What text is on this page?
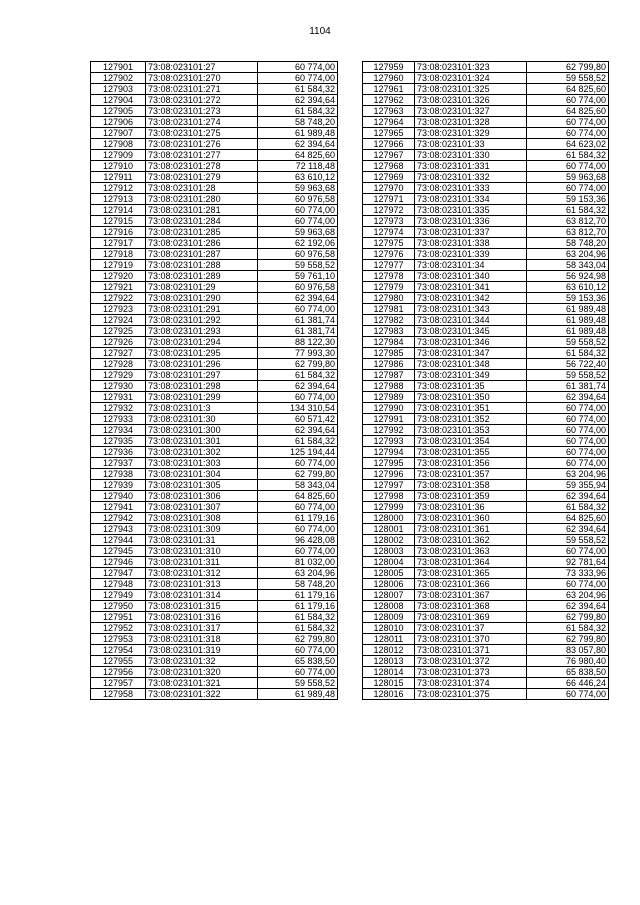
1104
127901	73:08:023101:27	60 774,00
127902	73:08:023101:270	60 774,00
127903	73:08:023101:271	61 584,32
127904	73:08:023101:272	62 394,64
127905	73:08:023101:273	61 584,32
127906	73:08:023101:274	58 748,20
127907	73:08:023101:275	61 989,48
127908	73:08:023101:276	62 394,64
127909	73:08:023101:277	64 825,60
127910	73:08:023101:278	72 118,48
127911	73:08:023101:279	63 610,12
127912	73:08:023101:28	59 963,68
127913	73:08:023101:280	60 976,58
127914	73:08:023101:281	60 774,00
127915	73:08:023101:284	60 774,00
127916	73:08:023101:285	59 963,68
127917	73:08:023101:286	62 192,06
127918	73:08:023101:287	60 976,58
127919	73:08:023101:288	59 558,52
127920	73:08:023101:289	59 761,10
127921	73:08:023101:29	60 976,58
127922	73:08:023101:290	62 394,64
127923	73:08:023101:291	60 774,00
127924	73:08:023101:292	61 381,74
127925	73:08:023101:293	61 381,74
127926	73:08:023101:294	88 122,30
127927	73:08:023101:295	77 993,30
127928	73:08:023101:296	62 799,80
127929	73:08:023101:297	61 584,32
127930	73:08:023101:298	62 394,64
127931	73:08:023101:299	60 774,00
127932	73:08:023101:3	134 310,54
127933	73:08:023101:30	60 571,42
127934	73:08:023101:300	62 394,64
127935	73:08:023101:301	61 584,32
127936	73:08:023101:302	125 194,44
127937	73:08:023101:303	60 774,00
127938	73:08:023101:304	62 799,80
127939	73:08:023101:305	58 343,04
127940	73:08:023101:306	64 825,60
127941	73:08:023101:307	60 774,00
127942	73:08:023101:308	61 179,16
127943	73:08:023101:309	60 774,00
127944	73:08:023101:31	96 428,08
127945	73:08:023101:310	60 774,00
127946	73:08:023101:311	81 032,00
127947	73:08:023101:312	63 204,96
127948	73:08:023101:313	58 748,20
127949	73:08:023101:314	61 179,16
127950	73:08:023101:315	61 179,16
127951	73:08:023101:316	61 584,32
127952	73:08:023101:317	61 584,32
127953	73:08:023101:318	62 799,80
127954	73:08:023101:319	60 774,00
127955	73:08:023101:32	65 838,50
127956	73:08:023101:320	60 774,00
127957	73:08:023101:321	59 558,52
127958	73:08:023101:322	61 989,48
127959	73:08:023101:323	62 799,80
127960	73:08:023101:324	59 558,52
127961	73:08:023101:325	64 825,60
127962	73:08:023101:326	60 774,00
127963	73:08:023101:327	64 825,60
127964	73:08:023101:328	60 774,00
127965	73:08:023101:329	60 774,00
127966	73:08:023101:33	64 623,02
127967	73:08:023101:330	61 584,32
127968	73:08:023101:331	60 774,00
127969	73:08:023101:332	59 963,68
127970	73:08:023101:333	60 774,00
127971	73:08:023101:334	59 153,36
127972	73:08:023101:335	61 584,32
127973	73:08:023101:336	63 812,70
127974	73:08:023101:337	63 812,70
127975	73:08:023101:338	58 748,20
127976	73:08:023101:339	63 204,96
127977	73:08:023101:34	58 343,04
127978	73:08:023101:340	56 924,98
127979	73:08:023101:341	63 610,12
127980	73:08:023101:342	59 153,36
127981	73:08:023101:343	61 989,48
127982	73:08:023101:344	61 989,48
127983	73:08:023101:345	61 989,48
127984	73:08:023101:346	59 558,52
127985	73:08:023101:347	61 584,32
127986	73:08:023101:348	56 722,40
127987	73:08:023101:349	59 558,52
127988	73:08:023101:35	61 381,74
127989	73:08:023101:350	62 394,64
127990	73:08:023101:351	60 774,00
127991	73:08:023101:352	60 774,00
127992	73:08:023101:353	60 774,00
127993	73:08:023101:354	60 774,00
127994	73:08:023101:355	60 774,00
127995	73:08:023101:356	60 774,00
127996	73:08:023101:357	63 204,96
127997	73:08:023101:358	59 355,94
127998	73:08:023101:359	62 394,64
127999	73:08:023101:36	61 584,32
128000	73:08:023101:360	64 825,60
128001	73:08:023101:361	62 394,64
128002	73:08:023101:362	59 558,52
128003	73:08:023101:363	60 774,00
128004	73:08:023101:364	92 781,64
128005	73:08:023101:365	73 333,96
128006	73:08:023101:366	60 774,00
128007	73:08:023101:367	63 204,96
128008	73:08:023101:368	62 394,64
128009	73:08:023101:369	62 799,80
128010	73:08:023101:37	61 584,32
128011	73:08:023101:370	62 799,80
128012	73:08:023101:371	83 057,80
128013	73:08:023101:372	76 980,40
128014	73:08:023101:373	65 838,50
128015	73:08:023101:374	66 446,24
128016	73:08:023101:375	60 774,00
